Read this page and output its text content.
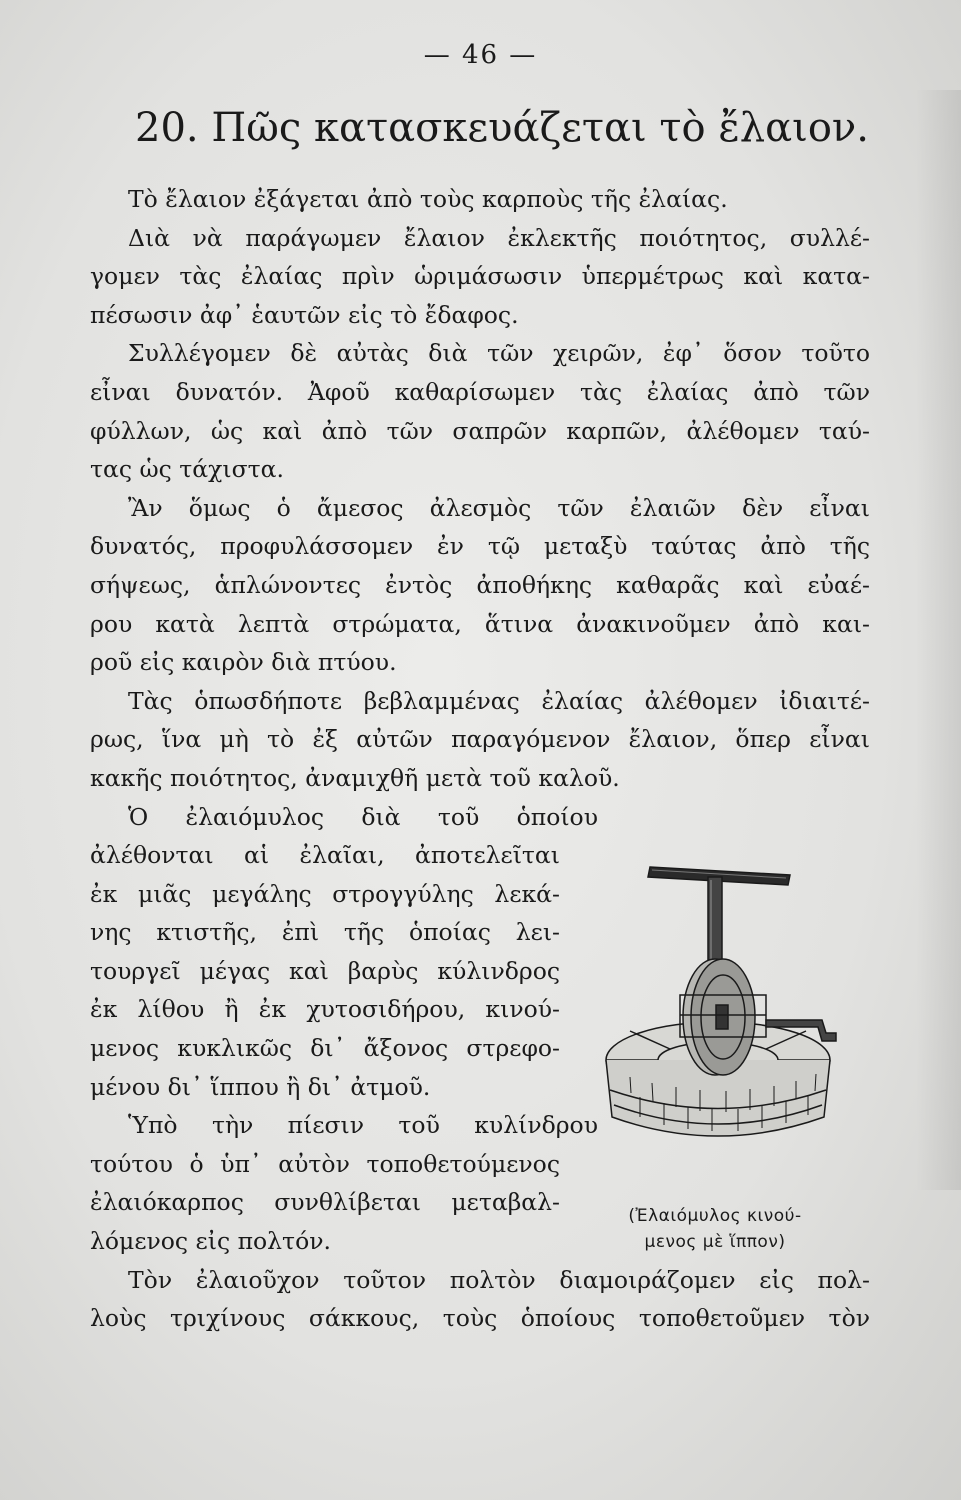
— 46 —
20. Πῶς κατασκευάζεται τὸ ἔλαιον.
Τὸ ἔλαιον ἐξάγεται ἀπὸ τοὺς καρποὺς τῆς ἐλαίας.
Διὰ νὰ παράγωμεν ἔλαιον ἐκλεκτῆς ποιότητος, συλλέ-
γομεν τὰς ἐλαίας πρὶν ὡριμάσωσιν ὑπερμέτρως καὶ κατα-
πέσωσιν ἀφ᾽ ἑαυτῶν εἰς τὸ ἔδαφος.
Συλλέγομεν δὲ αὐτὰς διὰ τῶν χειρῶν, ἐφ᾽ ὅσον τοῦτο
εἶναι δυνατόν. Ἀφοῦ καθαρίσωμεν τὰς ἐλαίας ἀπὸ τῶν
φύλλων, ὡς καὶ ἀπὸ τῶν σαπρῶν καρπῶν, ἀλέθομεν ταύ-
τας ὡς τάχιστα.
Ἂν ὅμως ὁ ἄμεσος ἀλεσμὸς τῶν ἐλαιῶν δὲν εἶναι
δυνατός, προφυλάσσομεν ἐν τῷ μεταξὺ ταύτας ἀπὸ τῆς
σήψεως, ἁπλώνοντες ἐντὸς ἀποθήκης καθαρᾶς καὶ εὐαέ-
ρου κατὰ λεπτὰ στρώματα, ἅτινα ἀνακινοῦμεν ἀπὸ και-
ροῦ εἰς καιρὸν διὰ πτύου.
Τὰς ὁπωσδήποτε βεβλαμμένας ἐλαίας ἀλέθομεν ἰδιαιτέ-
ρως, ἵνα μὴ τὸ ἐξ αὐτῶν παραγόμενον ἔλαιον, ὅπερ εἶναι
κακῆς ποιότητος, ἀναμιχθῆ μετὰ τοῦ καλοῦ.
Ὁ ἐλαιόμυλος διὰ τοῦ ὁποίου
ἀλέθονται αἱ ἐλαῖαι, ἀποτελεῖται
ἐκ μιᾶς μεγάλης στρογγύλης λεκά-
νης κτιστῆς, ἐπὶ τῆς ὁποίας λει-
τουργεῖ μέγας καὶ βαρὺς κύλινδρος
ἐκ λίθου ἢ ἐκ χυτοσιδήρου, κινού-
μενος κυκλικῶς δι᾽ ἄξονος στρεφο-
μένου δι᾽ ἵππου ἢ δι᾽ ἀτμοῦ.
Ὑπὸ τὴν πίεσιν τοῦ κυλίνδρου
τούτου ὁ ὑπ᾽ αὐτὸν τοποθετούμενος
ἐλαιόκαρπος συνθλίβεται μεταβαλ-
λόμενος εἰς πολτόν.
Τὸν ἐλαιοῦχον τοῦτον πολτὸν διαμοιράζομεν εἰς πολ-
λοὺς τριχίνους σάκκους, τοὺς ὁποίους τοποθετοῦμεν τὸν
(Ἐλαιόμυλος κινού-
μενος μὲ ἵππον)
